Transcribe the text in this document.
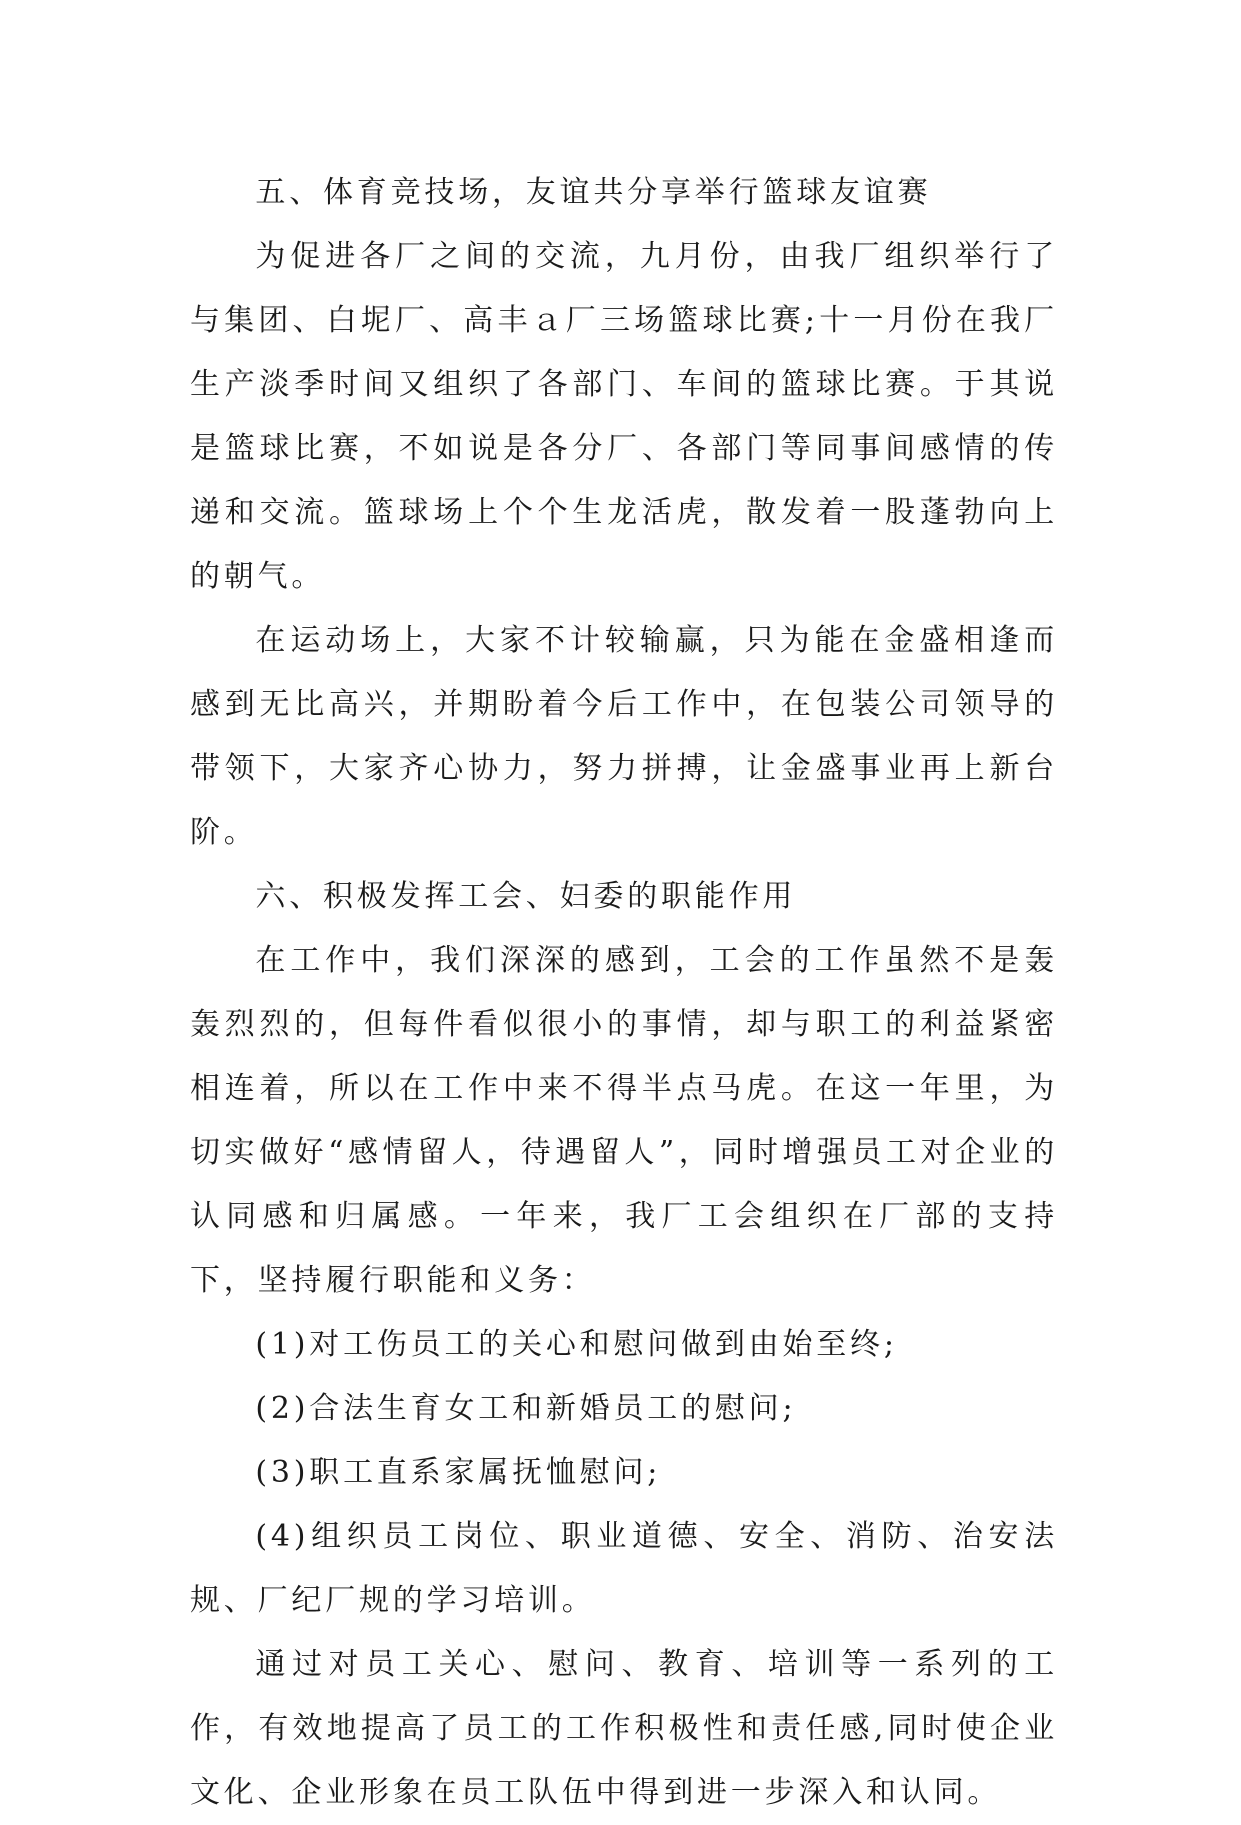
五、体育竞技场，友谊共分享举行篮球友谊赛

为促进各厂之间的交流，九月份，由我厂组织举行了与集团、白坭厂、高丰ａ厂三场篮球比赛;十一月份在我厂生产淡季时间又组织了各部门、车间的篮球比赛。于其说是篮球比赛，不如说是各分厂、各部门等同事间感情的传递和交流。篮球场上个个生龙活虎，散发着一股蓬勃向上的朝气。

在运动场上，大家不计较输赢，只为能在金盛相逢而感到无比高兴，并期盼着今后工作中，在包装公司领导的带领下，大家齐心协力，努力拼搏，让金盛事业再上新台阶。

六、积极发挥工会、妇委的职能作用

在工作中，我们深深的感到，工会的工作虽然不是轰轰烈烈的，但每件看似很小的事情，却与职工的利益紧密相连着，所以在工作中来不得半点马虎。在这一年里，为切实做好“感情留人，待遇留人”，同时增强员工对企业的认同感和归属感。一年来，我厂工会组织在厂部的支持下，坚持履行职能和义务：

(1)对工伤员工的关心和慰问做到由始至终;

(2)合法生育女工和新婚员工的慰问;

(3)职工直系家属抚恤慰问;

(4)组织员工岗位、职业道德、安全、消防、治安法规、厂纪厂规的学习培训。

通过对员工关心、慰问、教育、培训等一系列的工作，有效地提高了员工的工作积极性和责任感,同时使企业文化、企业形象在员工队伍中得到进一步深入和认同。
